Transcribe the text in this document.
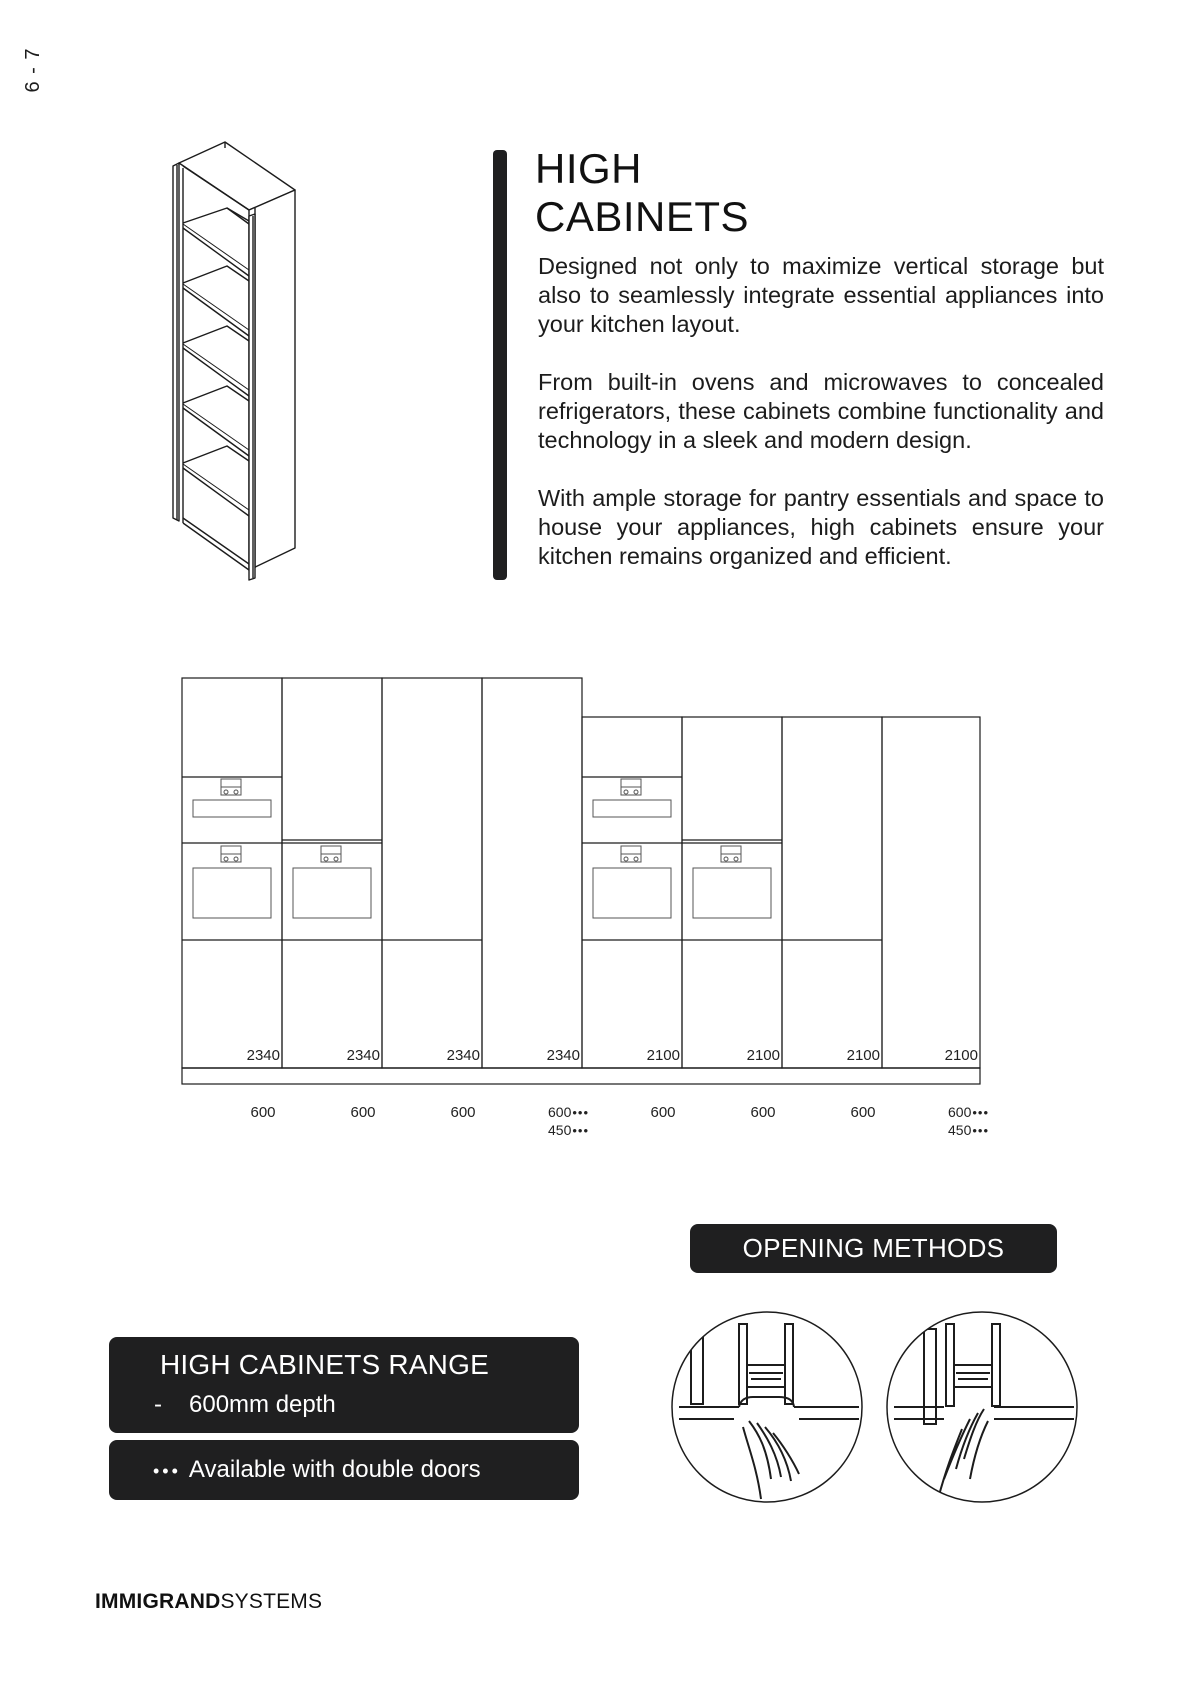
6 - 7
HIGH
CABINETS

Designed not only to maximize vertical storage but also to seamlessly integrate essential appliances into your kitchen layout.

From built-in ovens and microwaves to concealed refrigerators, these cabinets combine functionality and technology in a sleek and modern design.

With ample storage for pantry essentials and space to house your appliances, high cabinets ensure your kitchen remains organized and efficient.

2340	2340	2340	2340	2100	2100	2100	2100
600	600	600	600•••
450•••
600	600	600	600•••
450•••
OPENING METHODS
HIGH CABINETS RANGE
- 600mm depth
••• Available with double doors
IMMIGRANDSYSTEMS
